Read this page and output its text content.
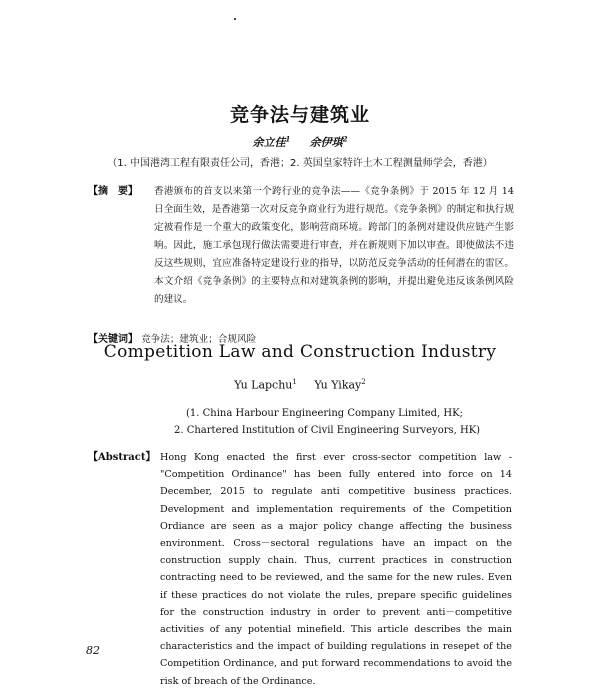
竞争法与建筑业
余立佳$^1$ 余伊琪$^2$
（1. 中国港湾工程有限责任公司，香港；2. 英国皇家特许土木工程测量师学会，香港）
【摘　要】	香港颁布的首支以来第一个跨行业的竞争法——《竞争条例》于 2015 年 12 月 14 日全面生效，是香港第一次对反竞争商业行为进行规范。《竞争条例》的制定和执行规定被看作是一个重大的政策变化，影响营商环境。跨部门的条例对建设供应链产生影响。因此，施工承包现行做法需要进行审查，并在新规则下加以审查。即使做法不违反这些规则，宜应准备特定建设行业的指导，以防范反竞争活动的任何潜在的雷区。本文介绍《竞争条例》的主要特点和对建筑条例的影响，并提出避免违反该条例风险的建议。
【关键词】 竞争法；建筑业；合规风险
Competition Law and Construction Industry
Yu Lapchu$^1$ Yu Yikay$^2$
(1. China Harbour Engineering Company Limited, HK;
2. Chartered Institution of Civil Engineering Surveyors, HK)
【Abstract】 Hong Kong enacted the first ever cross-sector competition law - "Competition Ordinance" has been fully entered into force on 14 December, 2015 to regulate anti competitive business practices. Development and implementation requirements of the Competition Ordiance are seen as a major policy change affecting the business environment. Cross－sectoral regulations have an impact on the construction supply chain. Thus, current practices in construction contracting need to be reviewed, and the same for the new rules. Even if these practices do not violate the rules, prepare specific guidelines for the construction industry in order to prevent anti－competitive activities of any potential minefield. This article describes the main characteristics and the impact of building regulations in resepet of the Competition Ordinance, and put forward recommendations to avoid the risk of breach of the Ordinance.
82
